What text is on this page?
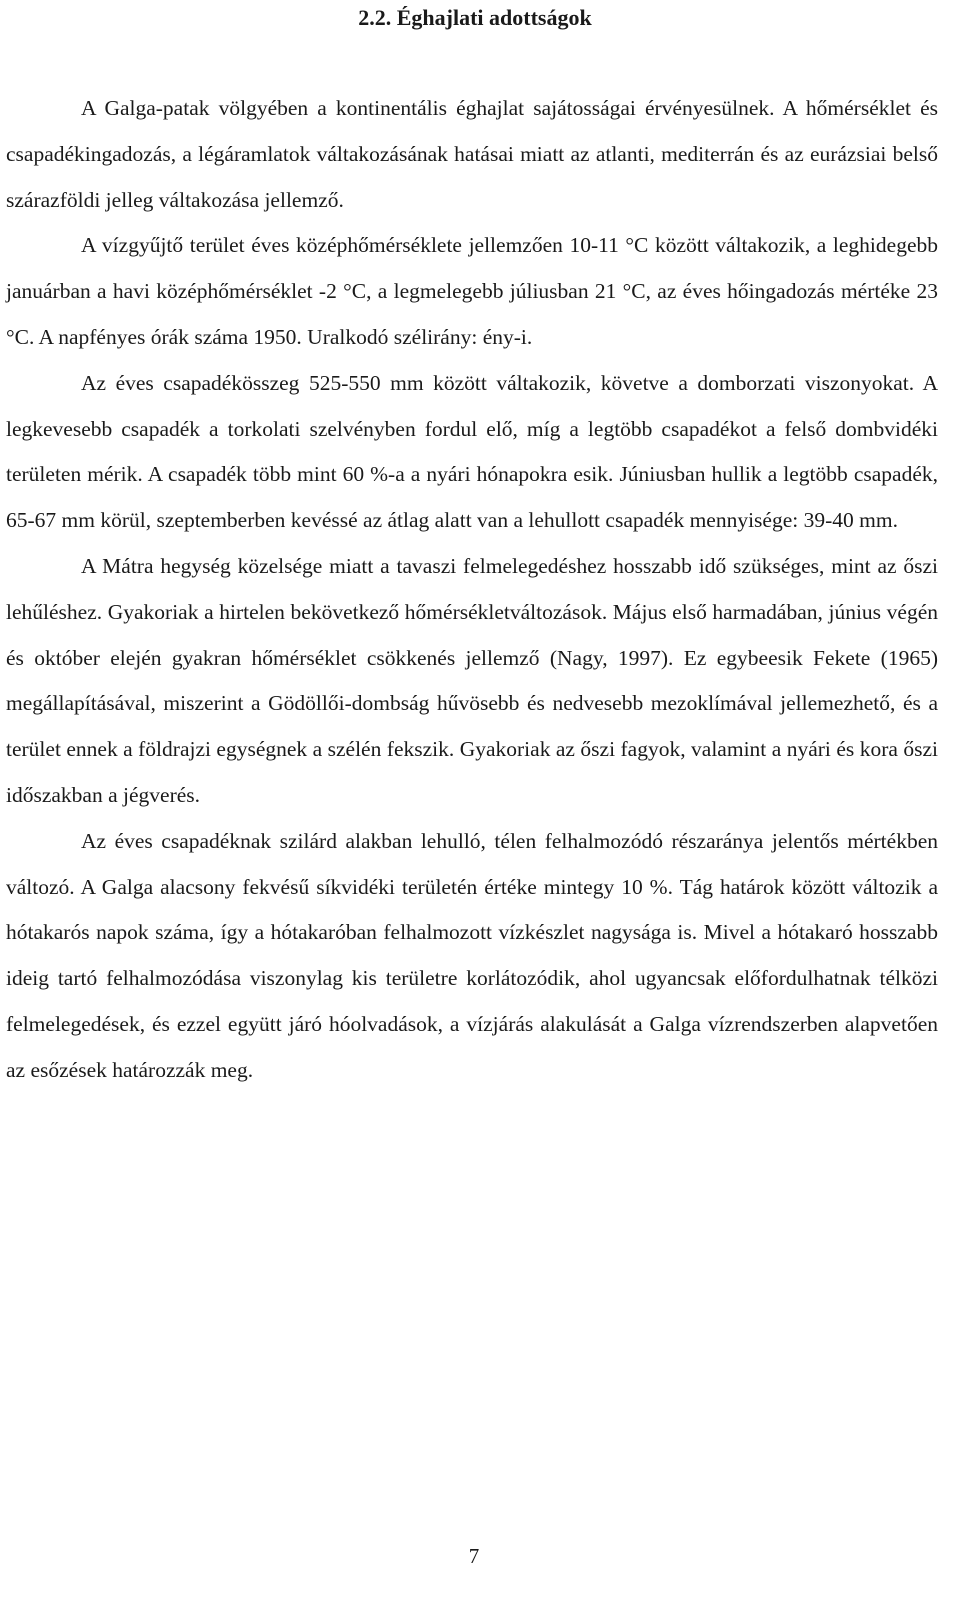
2.2. Éghajlati adottságok

A Galga-patak völgyében a kontinentális éghajlat sajátosságai érvényesülnek. A hőmérséklet és csapadékingadozás, a légáramlatok váltakozásának hatásai miatt az atlanti, mediterrán és az eurázsiai belső szárazföldi jelleg váltakozása jellemző.

A vízgyűjtő terület éves középhőmérséklete jellemzően 10-11 °C között váltakozik, a leghidegebb januárban a havi középhőmérséklet -2 °C, a legmelegebb júliusban 21 °C, az éves hőingadozás mértéke 23 °C. A napfényes órák száma 1950. Uralkodó szélirány: ény-i.

Az éves csapadékösszeg 525-550 mm között váltakozik, követve a domborzati viszonyokat. A legkevesebb csapadék a torkolati szelvényben fordul elő, míg a legtöbb csapadékot a felső dombvidéki területen mérik. A csapadék több mint 60 %-a a nyári hónapokra esik. Júniusban hullik a legtöbb csapadék, 65-67 mm körül, szeptemberben kevéssé az átlag alatt van a lehullott csapadék mennyisége: 39-40 mm.

A Mátra hegység közelsége miatt a tavaszi felmelegedéshez hosszabb idő szükséges, mint az őszi lehűléshez. Gyakoriak a hirtelen bekövetkező hőmérsékletváltozások. Május első harmadában, június végén és október elején gyakran hőmérséklet csökkenés jellemző (Nagy, 1997). Ez egybeesik Fekete (1965) megállapításával, miszerint a Gödöllői-dombság hűvösebb és nedvesebb mezoklímával jellemezhető, és a terület ennek a földrajzi egységnek a szélén fekszik. Gyakoriak az őszi fagyok, valamint a nyári és kora őszi időszakban a jégverés.

Az éves csapadéknak szilárd alakban lehulló, télen felhalmozódó részaránya jelentős mértékben változó. A Galga alacsony fekvésű síkvidéki területén értéke mintegy 10 %. Tág határok között változik a hótakarós napok száma, így a hótakaróban felhalmozott vízkészlet nagysága is. Mivel a hótakaró hosszabb ideig tartó felhalmozódása viszonylag kis területre korlátozódik, ahol ugyancsak előfordulhatnak télközi felmelegedések, és ezzel együtt járó hóolvadások, a vízjárás alakulását a Galga vízrendszerben alapvetően az esőzések határozzák meg.

7
